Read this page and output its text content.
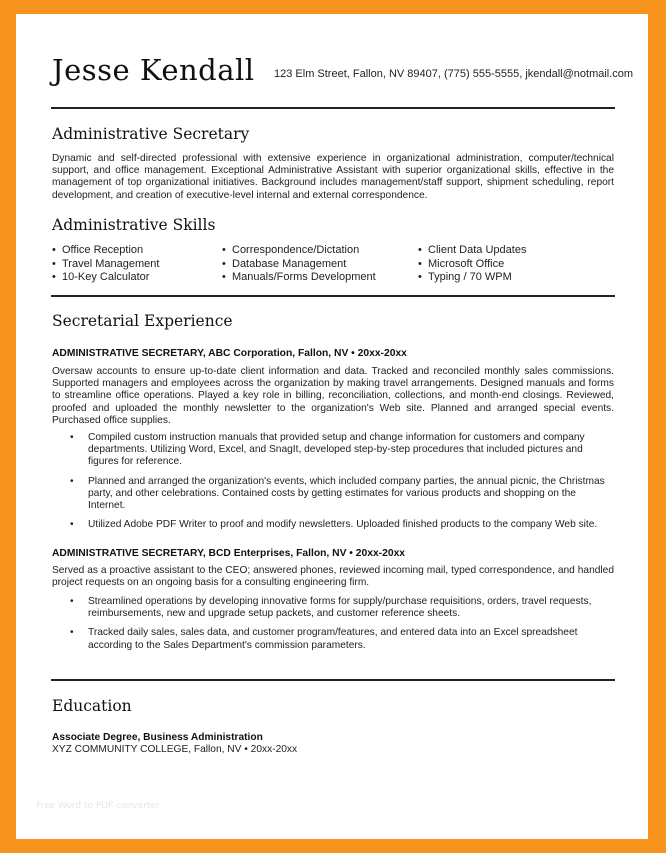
Jesse Kendall 123 Elm Street, Fallon, NV 89407, (775) 555-5555, jkendall@notmail.com
Administrative Secretary
Dynamic and self-directed professional with extensive experience in organizational administration, computer/technical support, and office management. Exceptional Administrative Assistant with superior organizational skills, effective in the management of top organizational initiatives. Background includes management/staff support, shipment scheduling, report development, and creation of executive-level internal and external correspondence.
Administrative Skills
• Office Reception
• Travel Management
• 10-Key Calculator
• Correspondence/Dictation
• Database Management
• Manuals/Forms Development
• Client Data Updates
• Microsoft Office
• Typing / 70 WPM
Secretarial Experience
ADMINISTRATIVE SECRETARY, ABC Corporation, Fallon, NV • 20xx-20xx
Oversaw accounts to ensure up-to-date client information and data. Tracked and reconciled monthly sales commissions. Supported managers and employees across the organization by making travel arrangements. Designed manuals and forms to streamline office operations. Played a key role in billing, reconciliation, collections, and month-end closings. Reviewed, proofed and uploaded the monthly newsletter to the organization's Web site. Planned and arranged special events. Purchased office supplies.
• Compiled custom instruction manuals that provided setup and change information for customers and company departments. Utilizing Word, Excel, and SnagIt, developed step-by-step procedures that included pictures and figures for reference.
• Planned and arranged the organization's events, which included company parties, the annual picnic, the Christmas party, and other celebrations. Contained costs by getting estimates for various products and shopping on the Internet.
• Utilized Adobe PDF Writer to proof and modify newsletters. Uploaded finished products to the company Web site.
ADMINISTRATIVE SECRETARY, BCD Enterprises, Fallon, NV • 20xx-20xx
Served as a proactive assistant to the CEO; answered phones, reviewed incoming mail, typed correspondence, and handled project requests on an ongoing basis for a consulting engineering firm.
• Streamlined operations by developing innovative forms for supply/purchase requisitions, orders, travel requests, reimbursements, new and upgrade setup packets, and customer reference sheets.
• Tracked daily sales, sales data, and customer program/features, and entered data into an Excel spreadsheet according to the Sales Department's commission parameters.
Education
Associate Degree, Business Administration
XYZ COMMUNITY COLLEGE, Fallon, NV • 20xx-20xx
Free Word to PDF converter
